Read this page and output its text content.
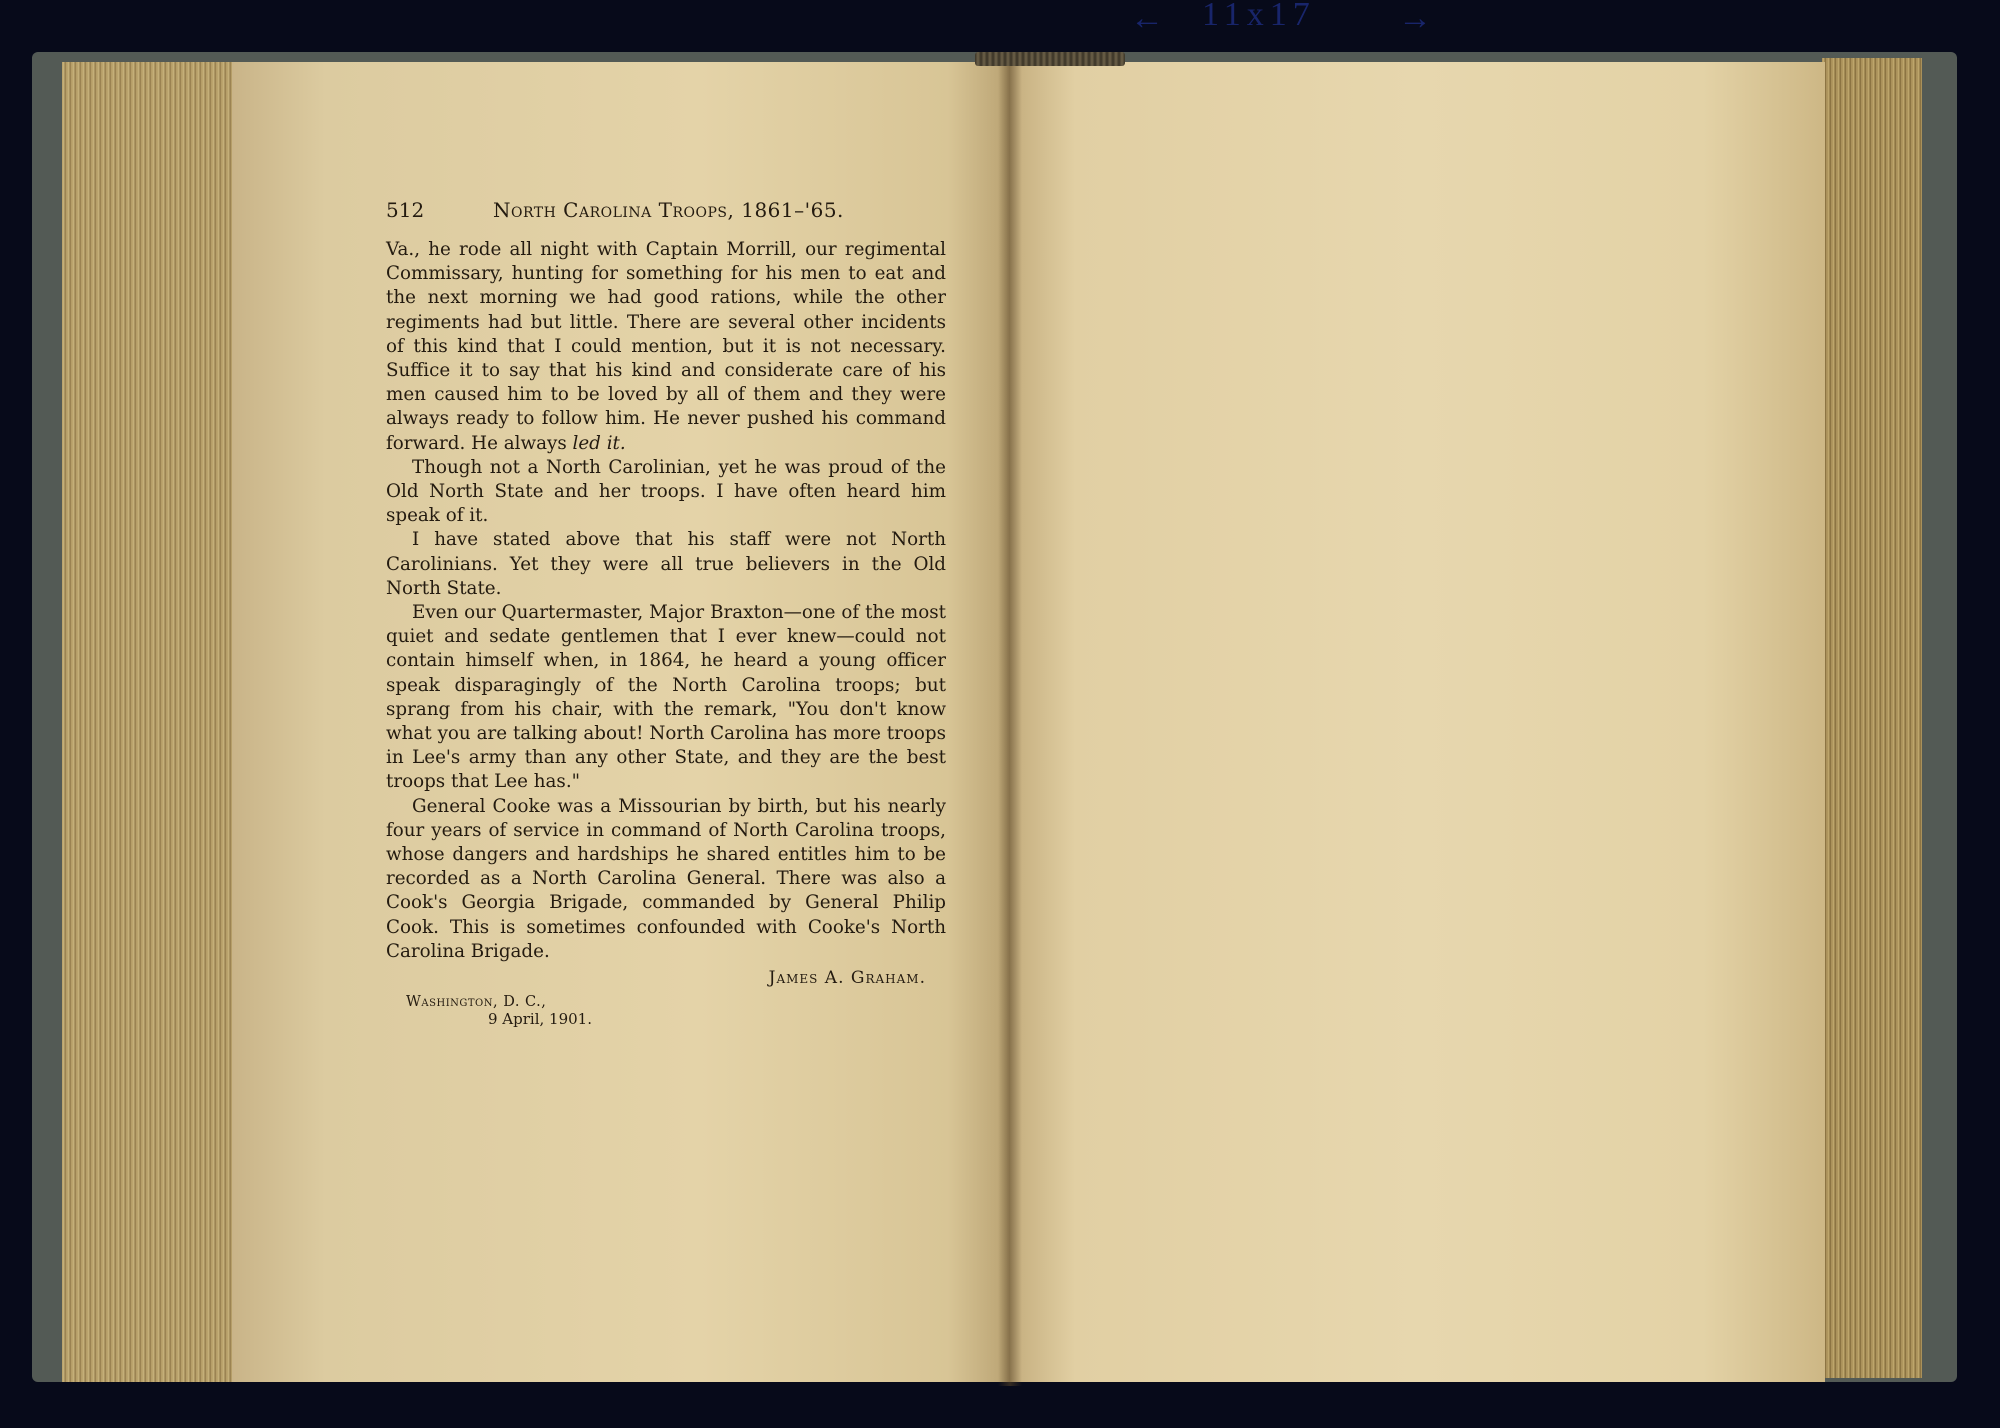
← 11x17 →
512	North Carolina Troops, 1861–'65.

Va., he rode all night with Captain Morrill, our regimental Commissary, hunting for something for his men to eat and the next morning we had good rations, while the other regiments had but little. There are several other incidents of this kind that I could mention, but it is not necessary. Suffice it to say that his kind and considerate care of his men caused him to be loved by all of them and they were always ready to follow him. He never pushed his command forward. He always led it.

Though not a North Carolinian, yet he was proud of the Old North State and her troops. I have often heard him speak of it.

I have stated above that his staff were not North Carolinians. Yet they were all true believers in the Old North State.

Even our Quartermaster, Major Braxton—one of the most quiet and sedate gentlemen that I ever knew—could not contain himself when, in 1864, he heard a young officer speak disparagingly of the North Carolina troops; but sprang from his chair, with the remark, "You don't know what you are talking about! North Carolina has more troops in Lee's army than any other State, and they are the best troops that Lee has."

General Cooke was a Missourian by birth, but his nearly four years of service in command of North Carolina troops, whose dangers and hardships he shared entitles him to be recorded as a North Carolina General. There was also a Cook's Georgia Brigade, commanded by General Philip Cook. This is sometimes confounded with Cooke's North Carolina Brigade.

James A. Graham.
Washington, D. C.,
9 April, 1901.
